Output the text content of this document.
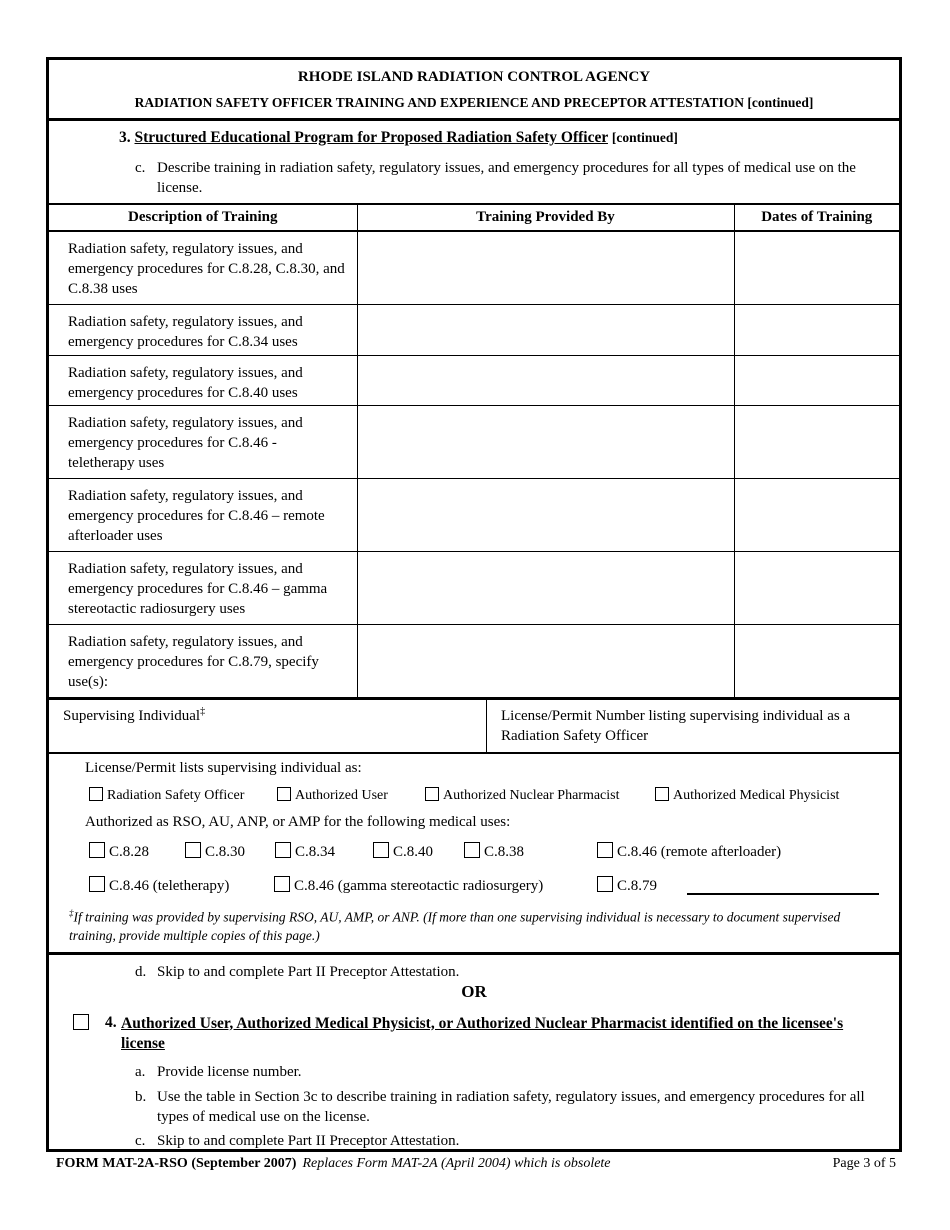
RHODE ISLAND RADIATION CONTROL AGENCY
RADIATION SAFETY OFFICER TRAINING AND EXPERIENCE AND PRECEPTOR ATTESTATION [continued]
3. Structured Educational Program for Proposed Radiation Safety Officer [continued]
c. Describe training in radiation safety, regulatory issues, and emergency procedures for all types of medical use on the license.
Description of Training	Training Provided By	Dates of Training
Radiation safety, regulatory issues, and emergency procedures for C.8.28, C.8.30, and C.8.38 uses		
Radiation safety, regulatory issues, and emergency procedures for C.8.34 uses		
Radiation safety, regulatory issues, and emergency procedures for C.8.40 uses		
Radiation safety, regulatory issues, and emergency procedures for C.8.46 - teletherapy uses		
Radiation safety, regulatory issues, and emergency procedures for C.8.46 – remote afterloader uses		
Radiation safety, regulatory issues, and emergency procedures for C.8.46 – gamma stereotactic radiosurgery uses		
Radiation safety, regulatory issues, and emergency procedures for C.8.79, specify use(s):		
Supervising Individual‡	License/Permit Number listing supervising individual as a Radiation Safety Officer
License/Permit lists supervising individual as:
Radiation Safety Officer	Authorized User	Authorized Nuclear Pharmacist	Authorized Medical Physicist
Authorized as RSO, AU, ANP, or AMP for the following medical uses:
C.8.28	C.8.30	C.8.34	C.8.40	C.8.38	C.8.46 (remote afterloader)
C.8.46 (teletherapy)	C.8.46 (gamma stereotactic radiosurgery)	C.8.79
‡If training was provided by supervising RSO, AU, AMP, or ANP. (If more than one supervising individual is necessary to document supervised training, provide multiple copies of this page.)
d. Skip to and complete Part II Preceptor Attestation.
OR
4. Authorized User, Authorized Medical Physicist, or Authorized Nuclear Pharmacist identified on the licensee's license
a. Provide license number.
b. Use the table in Section 3c to describe training in radiation safety, regulatory issues, and emergency procedures for all types of medical use on the license.
c. Skip to and complete Part II Preceptor Attestation.
FORM MAT-2A-RSO (September 2007) Replaces Form MAT-2A (April 2004) which is obsolete	Page 3 of 5
